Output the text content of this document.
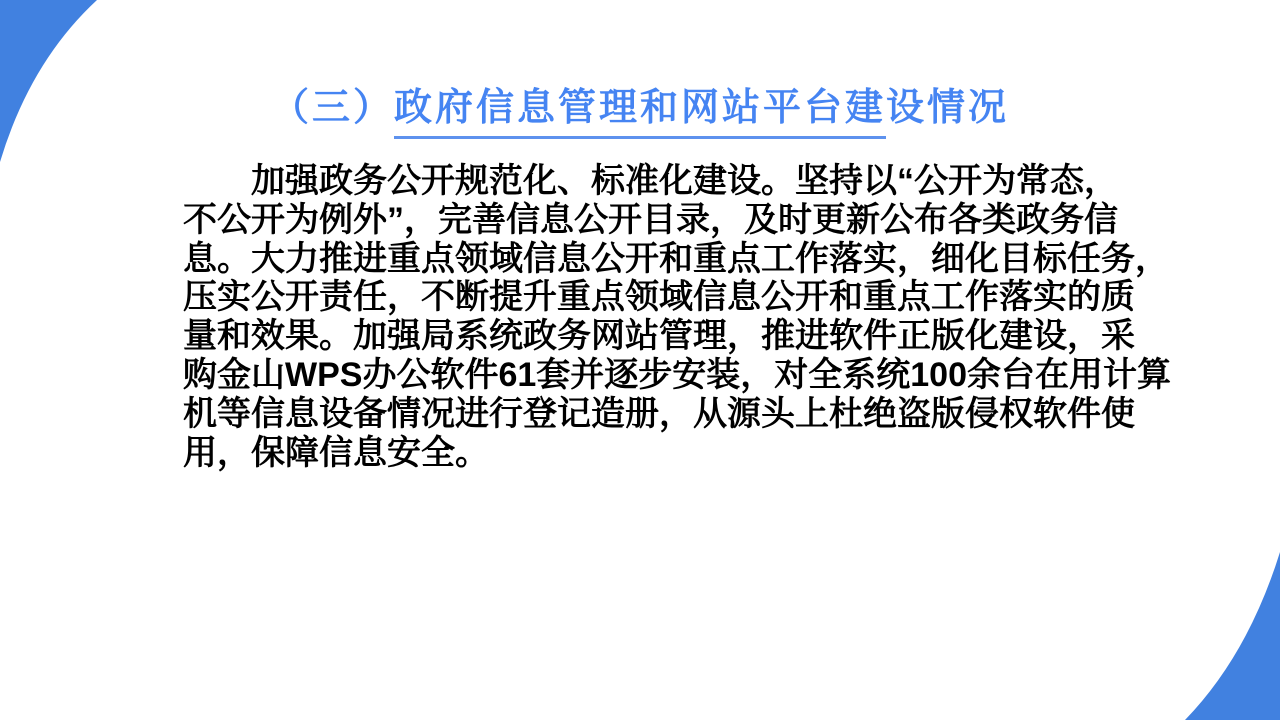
（三）政府信息管理和网站平台建设情况
加强政务公开规范化、标准化建设。坚持以“公开为常态，
不公开为例外”，完善信息公开目录，及时更新公布各类政务信
息。大力推进重点领域信息公开和重点工作落实，细化目标任务，
压实公开责任，不断提升重点领域信息公开和重点工作落实的质
量和效果。加强局系统政务网站管理，推进软件正版化建设，采
购金山WPS办公软件61套并逐步安装，对全系统100余台在用计算
机等信息设备情况进行登记造册，从源头上杜绝盗版侵权软件使
用，保障信息安全。
